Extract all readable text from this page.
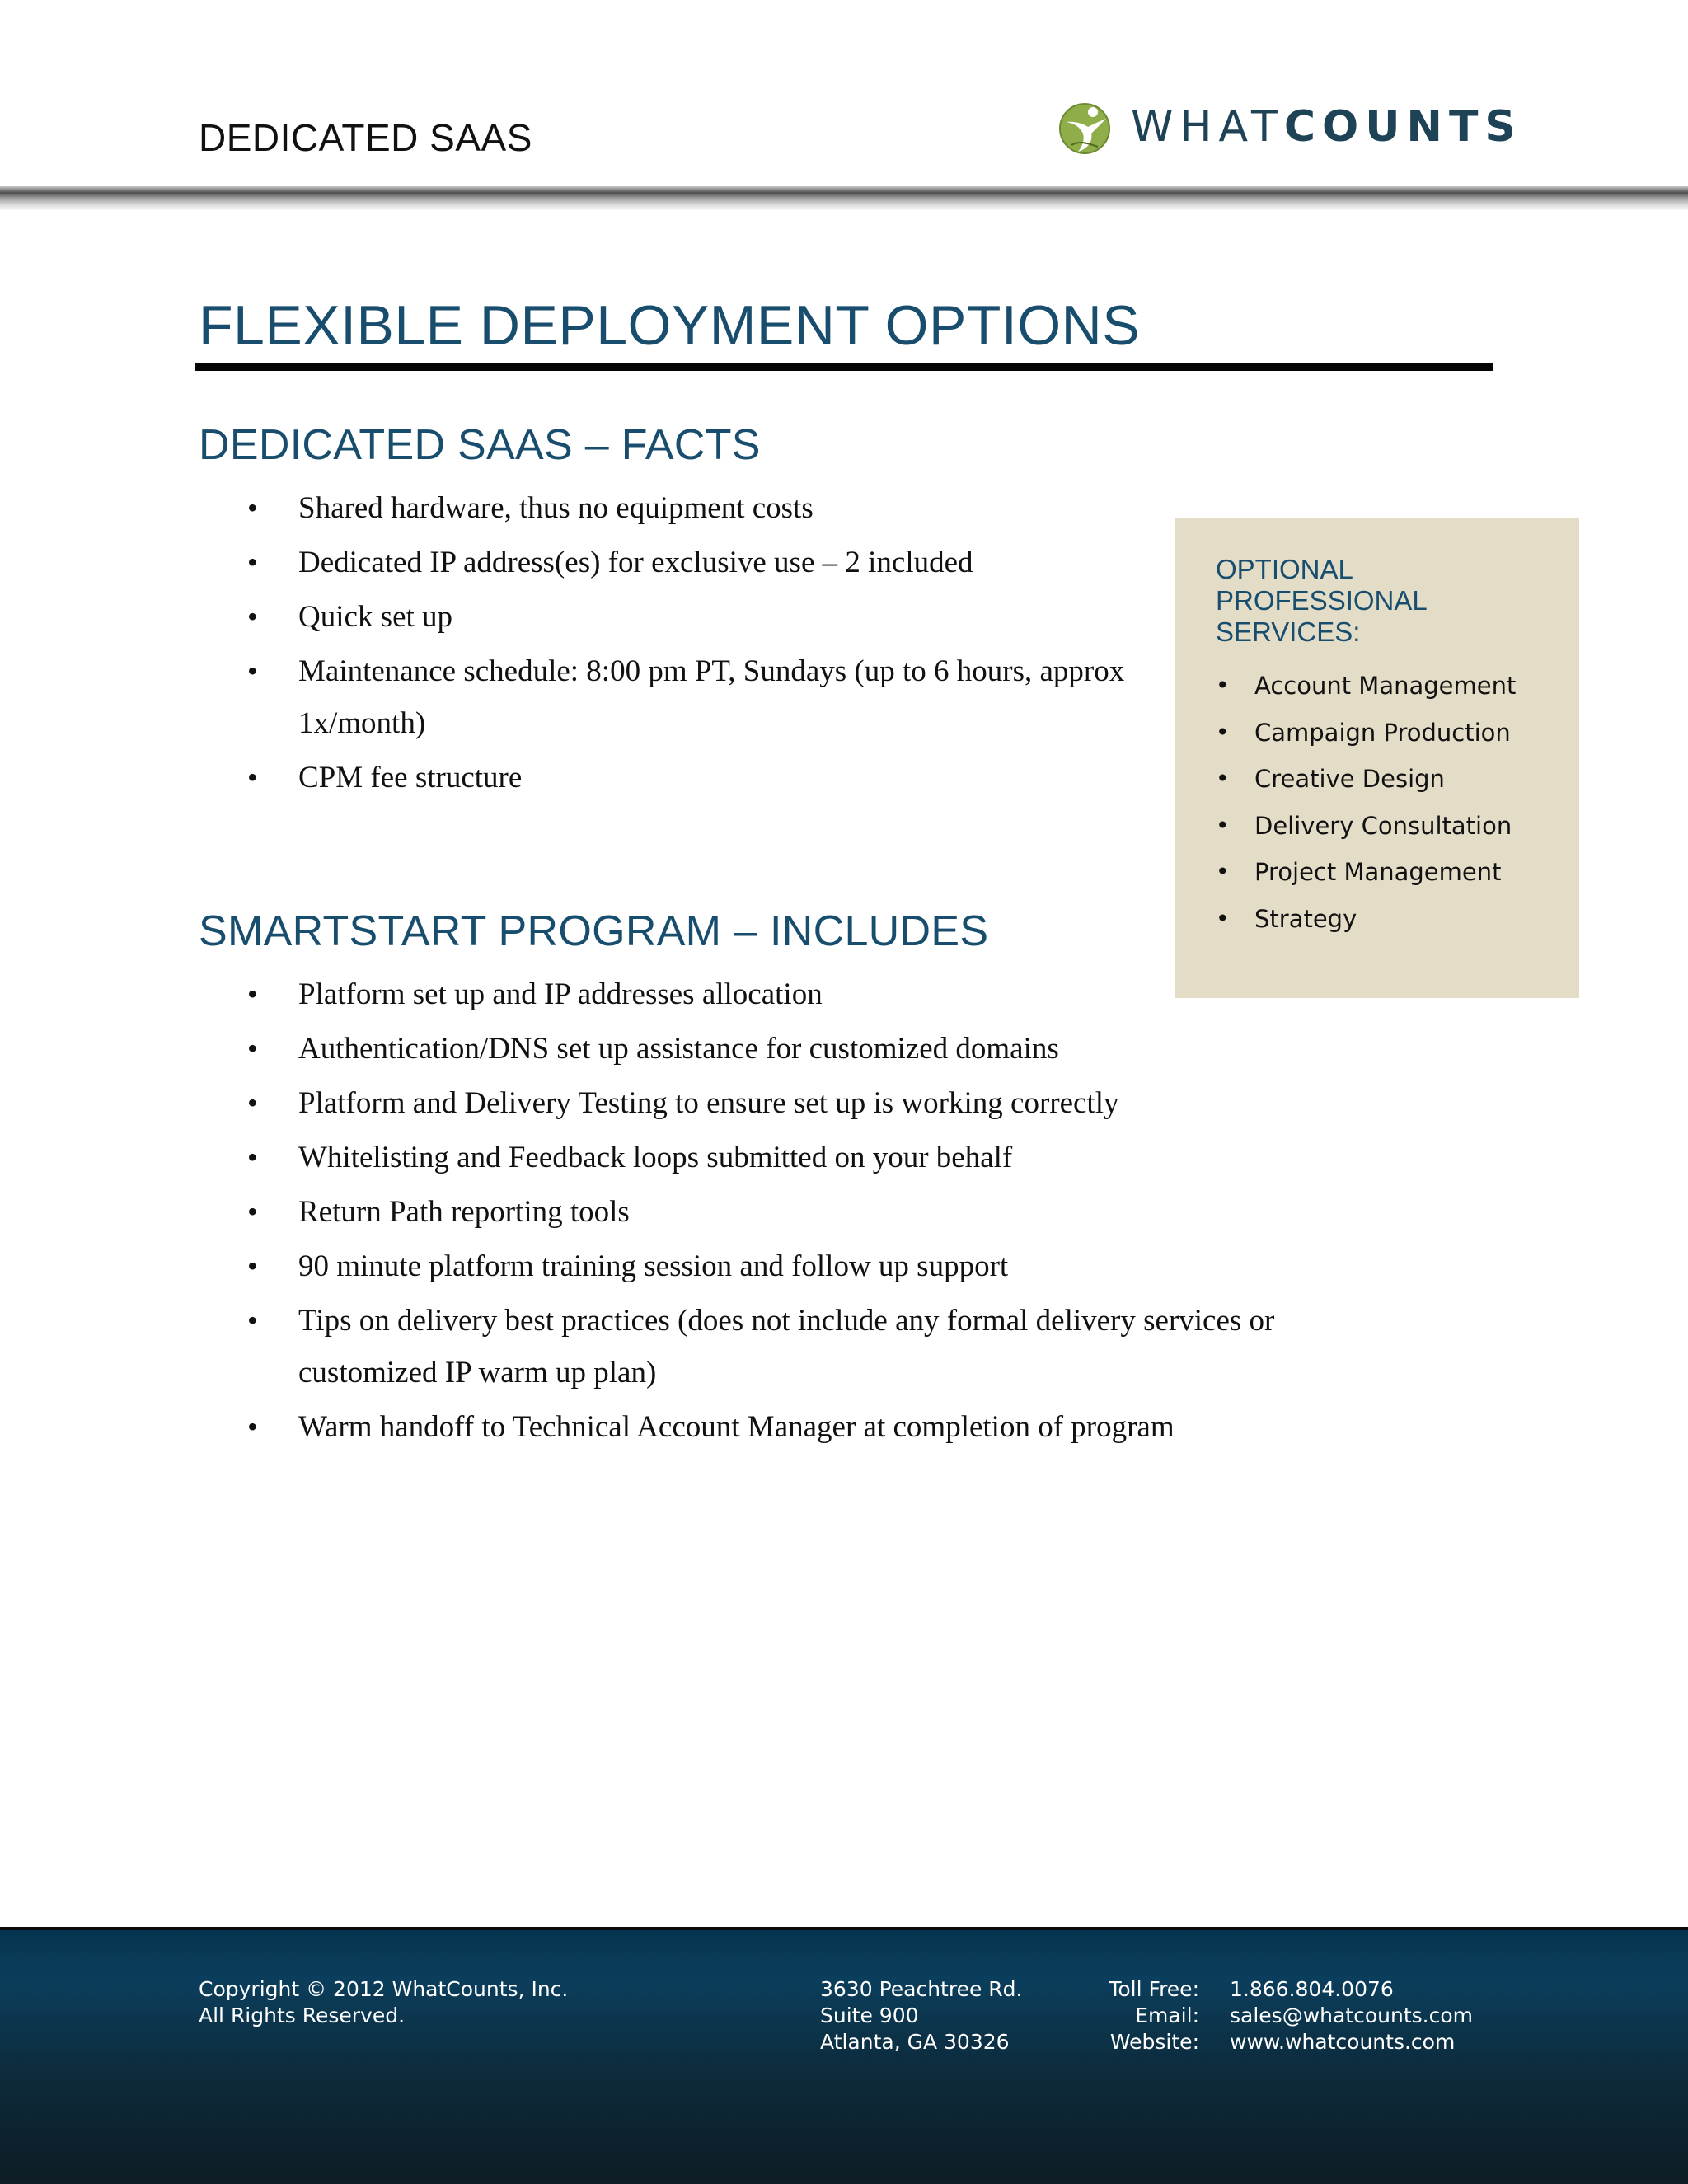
DEDICATED SAAS	WHATCOUNTS
FLEXIBLE DEPLOYMENT OPTIONS
DEDICATED SAAS – FACTS
• Shared hardware, thus no equipment costs
• Dedicated IP address(es) for exclusive use – 2 included
• Quick set up
• Maintenance schedule: 8:00 pm PT, Sundays (up to 6 hours, approx 1x/month)
• CPM fee structure
SMARTSTART PROGRAM – INCLUDES
• Platform set up and IP addresses allocation
• Authentication/DNS set up assistance for customized domains
• Platform and Delivery Testing to ensure set up is working correctly
• Whitelisting and Feedback loops submitted on your behalf
• Return Path reporting tools
• 90 minute platform training session and follow up support
• Tips on delivery best practices (does not include any formal delivery services or customized IP warm up plan)
• Warm handoff to Technical Account Manager at completion of program
OPTIONAL PROFESSIONAL SERVICES:
• Account Management
• Campaign Production
• Creative Design
• Delivery Consultation
• Project Management
• Strategy
Copyright © 2012 WhatCounts, Inc.
All Rights Reserved.
3630 Peachtree Rd.
Suite 900
Atlanta, GA 30326
Toll Free:
Email:
Website:
1.866.804.0076
sales@whatcounts.com
www.whatcounts.com
